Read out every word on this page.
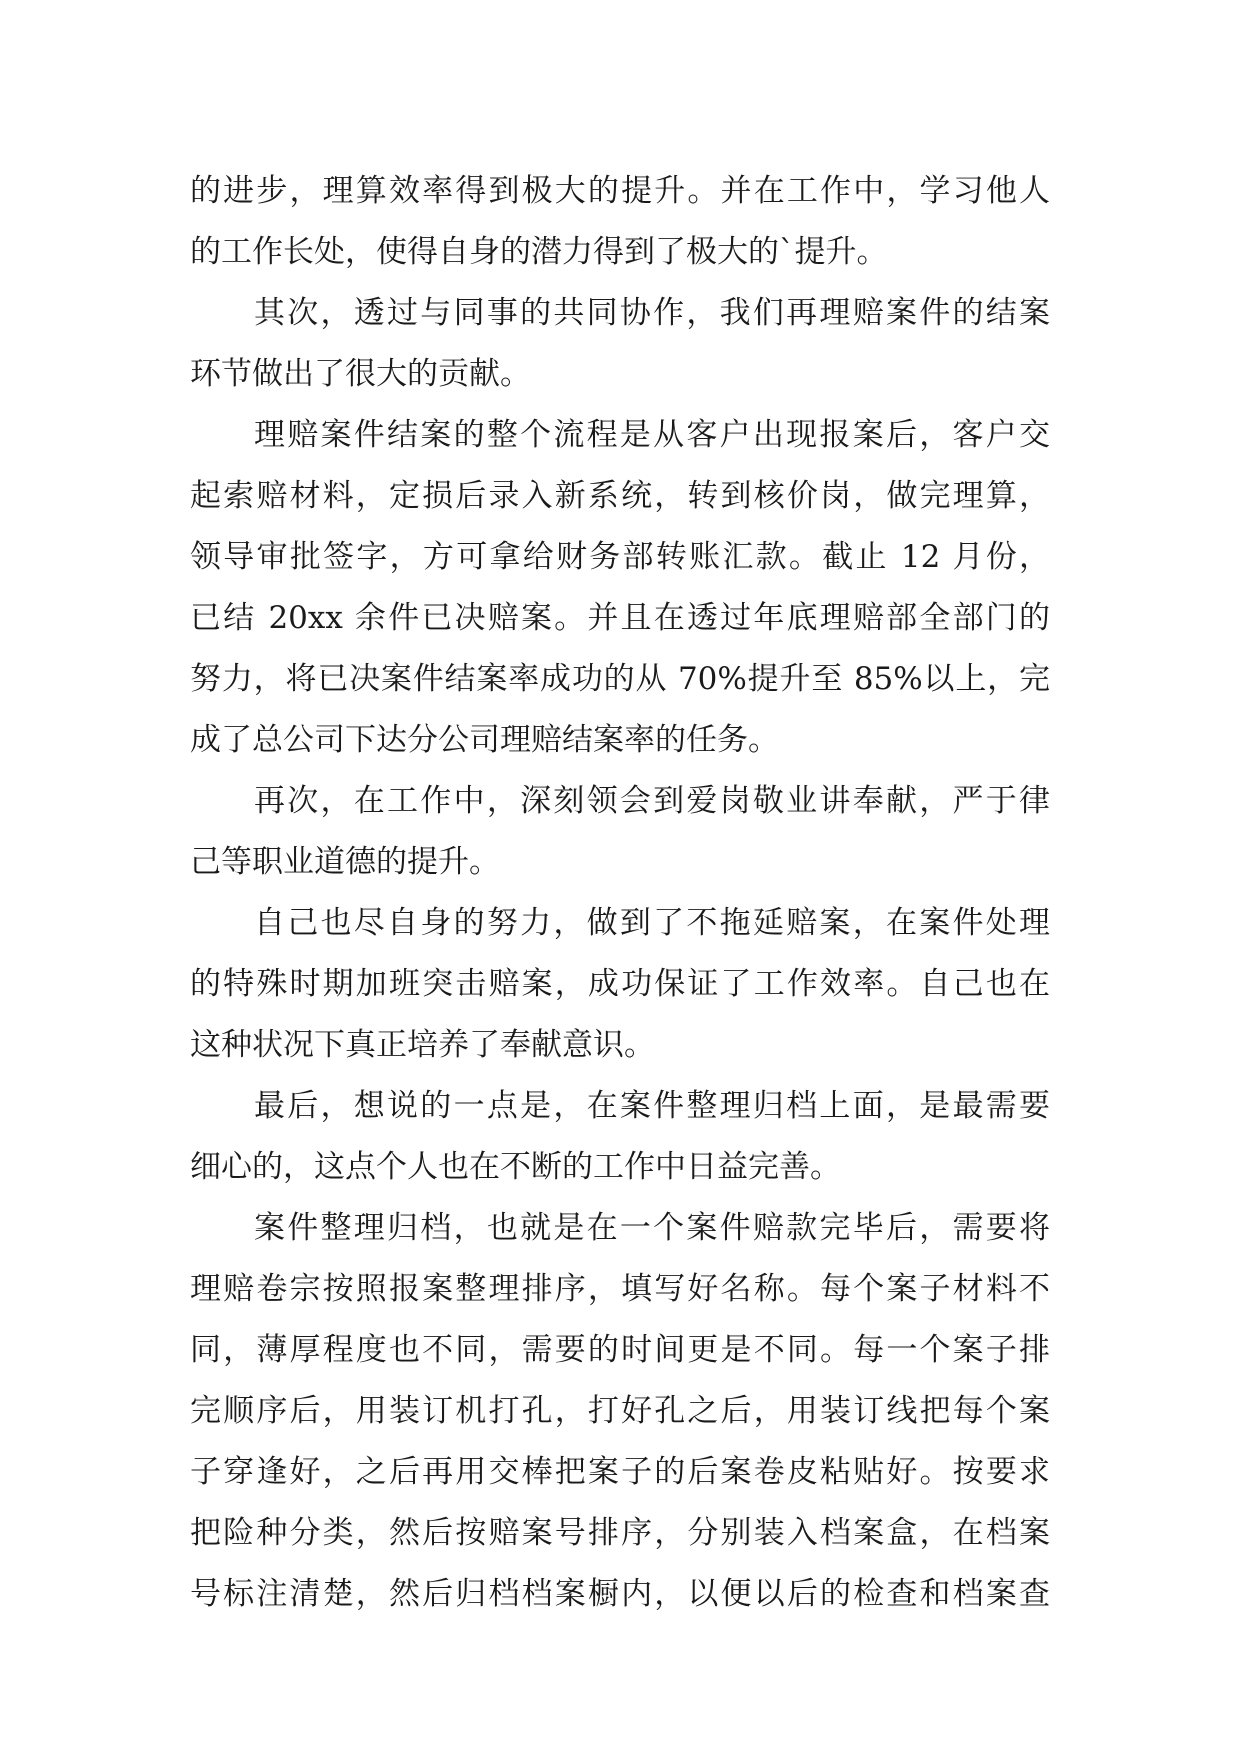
的进步，理算效率得到极大的提升。并在工作中，学习他人
的工作长处，使得自身的潜力得到了极大的`提升。
其次，透过与同事的共同协作，我们再理赔案件的结案
环节做出了很大的贡献。
理赔案件结案的整个流程是从客户出现报案后，客户交
起索赔材料，定损后录入新系统，转到核价岗，做完理算，
领导审批签字，方可拿给财务部转账汇款。截止 12 月份，
已结 20xx 余件已决赔案。并且在透过年底理赔部全部门的
努力，将已决案件结案率成功的从 70%提升至 85%以上，完
成了总公司下达分公司理赔结案率的任务。
再次，在工作中，深刻领会到爱岗敬业讲奉献，严于律
己等职业道德的提升。
自己也尽自身的努力，做到了不拖延赔案，在案件处理
的特殊时期加班突击赔案，成功保证了工作效率。自己也在
这种状况下真正培养了奉献意识。
最后，想说的一点是，在案件整理归档上面，是最需要
细心的，这点个人也在不断的工作中日益完善。
案件整理归档，也就是在一个案件赔款完毕后，需要将
理赔卷宗按照报案整理排序，填写好名称。每个案子材料不
同，薄厚程度也不同，需要的时间更是不同。每一个案子排
完顺序后，用装订机打孔，打好孔之后，用装订线把每个案
子穿逢好，之后再用交棒把案子的后案卷皮粘贴好。按要求
把险种分类，然后按赔案号排序，分别装入档案盒，在档案
号标注清楚，然后归档档案橱内，以便以后的检查和档案查
